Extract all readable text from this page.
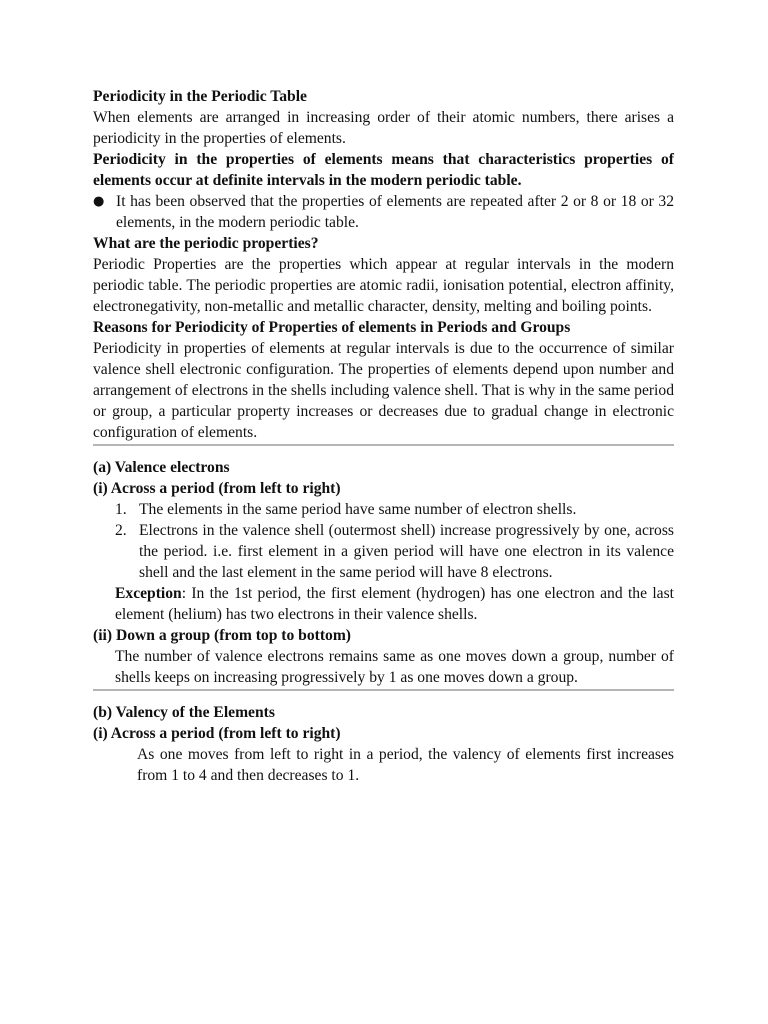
Periodicity in the Periodic Table

When elements are arranged in increasing order of their atomic numbers, there arises a periodicity in the properties of elements.

Periodicity in the properties of elements means that characteristics properties of elements occur at definite intervals in the modern periodic table.

● It has been observed that the properties of elements are repeated after 2 or 8 or 18 or 32 elements, in the modern periodic table.

What are the periodic properties?

Periodic Properties are the properties which appear at regular intervals in the modern periodic table. The periodic properties are atomic radii, ionisation potential, electron affinity, electronegativity, non-metallic and metallic character, density, melting and boiling points.

Reasons for Periodicity of Properties of elements in Periods and Groups

Periodicity in properties of elements at regular intervals is due to the occurrence of similar valence shell electronic configuration. The properties of elements depend upon number and arrangement of electrons in the shells including valence shell. That is why in the same period or group, a particular property increases or decreases due to gradual change in electronic configuration of elements.

(a) Valence electrons

(i) Across a period (from left to right)

1. The elements in the same period have same number of electron shells.
2. Electrons in the valence shell (outermost shell) increase progressively by one, across the period. i.e. first element in a given period will have one electron in its valence shell and the last element in the same period will have 8 electrons.

Exception: In the 1st period, the first element (hydrogen) has one electron and the last element (helium) has two electrons in their valence shells.

(ii) Down a group (from top to bottom)

The number of valence electrons remains same as one moves down a group, number of shells keeps on increasing progressively by 1 as one moves down a group.

(b) Valency of the Elements

(i) Across a period (from left to right)

As one moves from left to right in a period, the valency of elements first increases from 1 to 4 and then decreases to 1.
